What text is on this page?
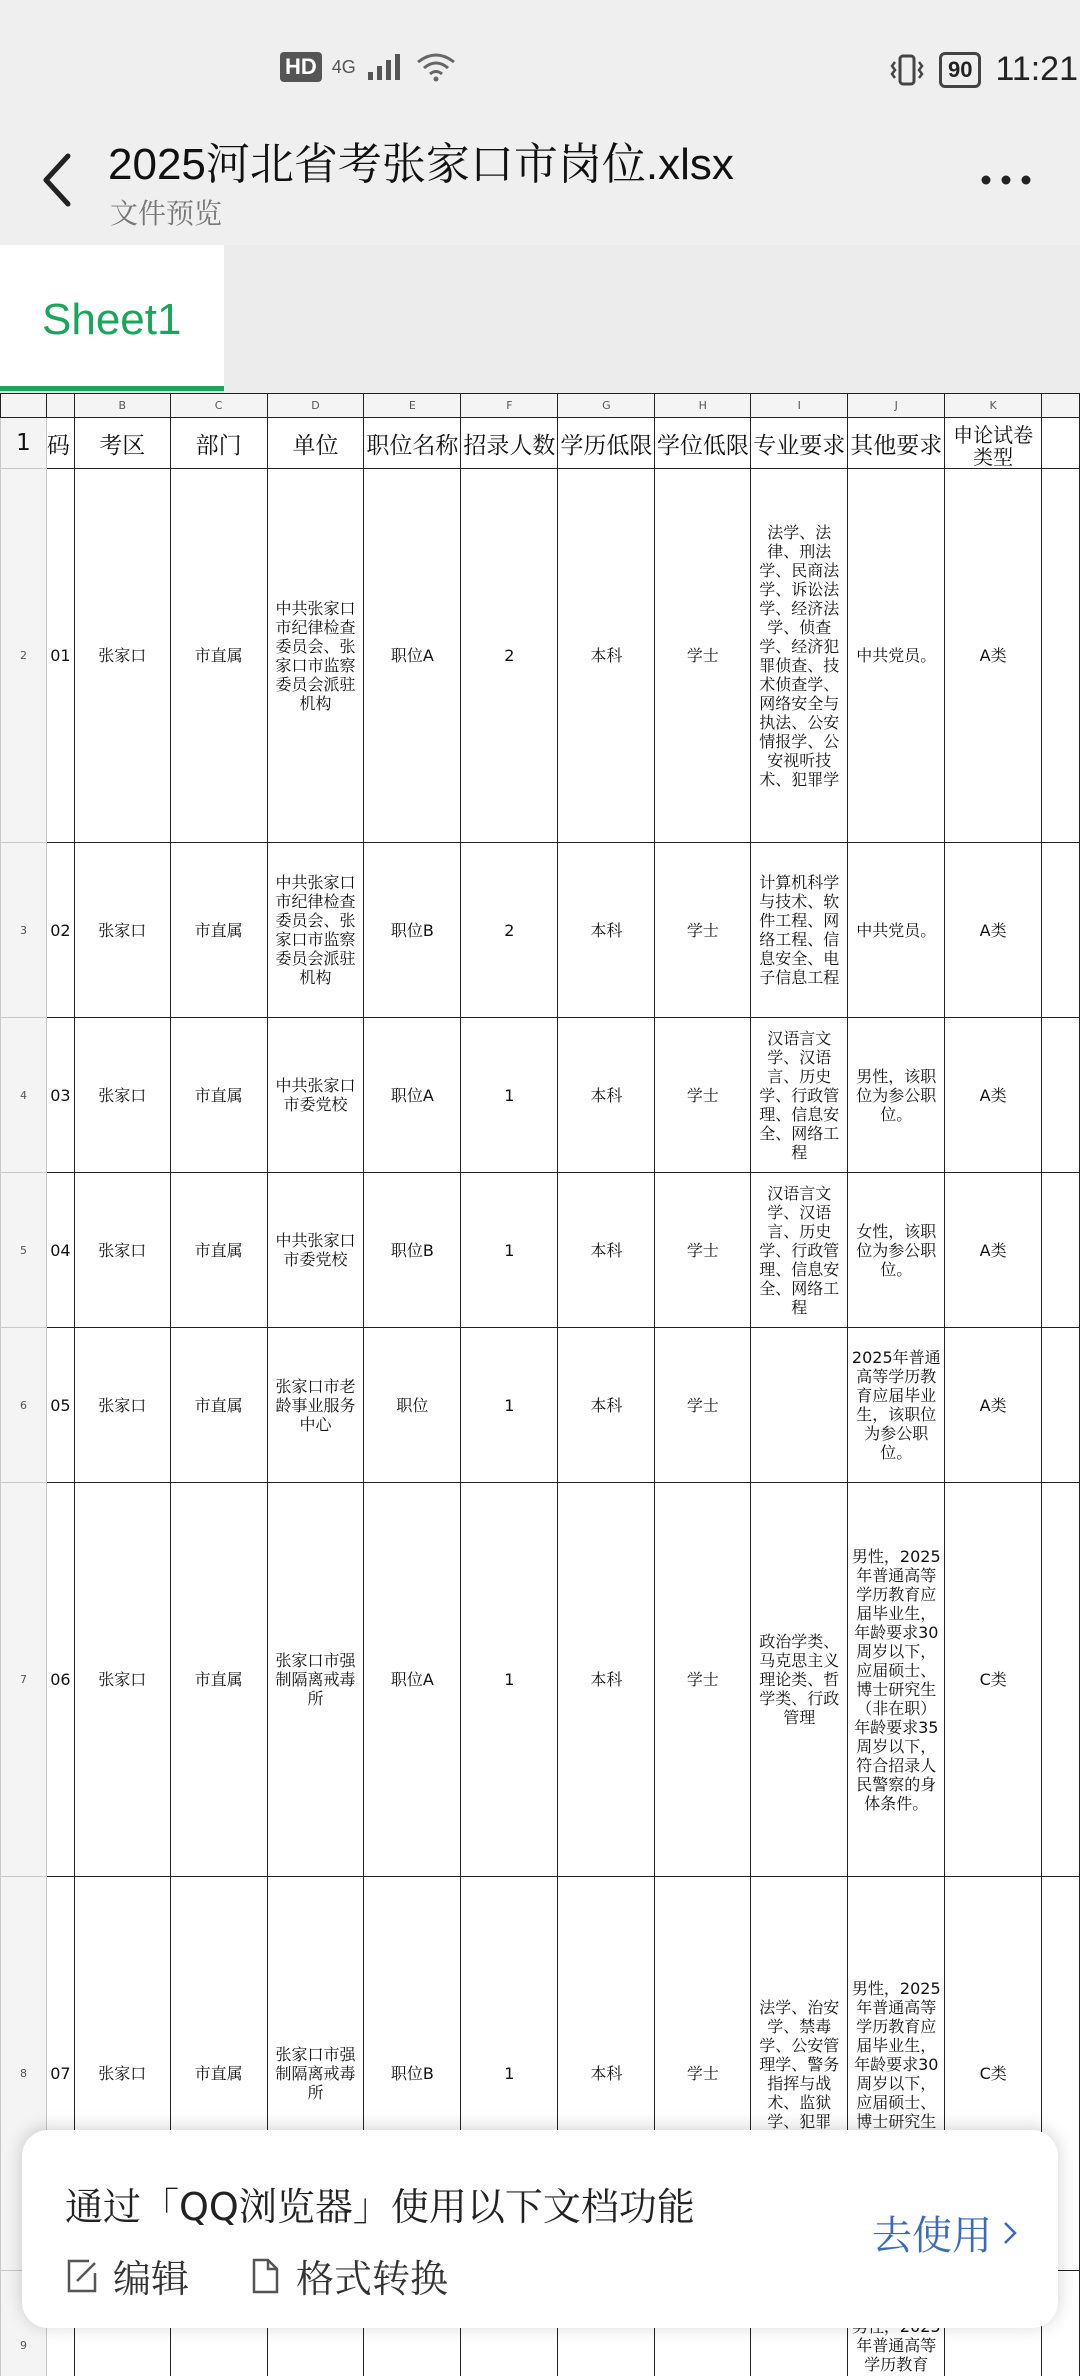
HD 4G	90 11:21
2025河北省考张家口市岗位.xlsx
文件预览
Sheet1
		B	C	D	E	F	G	H	I	J	K	
1	码	考区	部门	单位	职位名称	招录人数	学历低限	学位低限	专业要求	其他要求	申论试卷类型	
2	01	张家口	市直属	中共张家口市纪律检查委员会、张家口市监察委员会派驻机构	职位A	2	本科	学士	法学、法律、刑法学、民商法学、诉讼法学、经济法学、侦查学、经济犯罪侦查、技术侦查学、网络安全与执法、公安情报学、公安视听技术、犯罪学	中共党员。	A类	
3	02	张家口	市直属	中共张家口市纪律检查委员会、张家口市监察委员会派驻机构	职位B	2	本科	学士	计算机科学与技术、软件工程、网络工程、信息安全、电子信息工程	中共党员。	A类	
4	03	张家口	市直属	中共张家口市委党校	职位A	1	本科	学士	汉语言文学、汉语言、历史学、行政管理、信息安全、网络工程	男性，该职位为参公职位。	A类	
5	04	张家口	市直属	中共张家口市委党校	职位B	1	本科	学士	汉语言文学、汉语言、历史学、行政管理、信息安全、网络工程	女性，该职位为参公职位。	A类	
6	05	张家口	市直属	张家口市老龄事业服务中心	职位	1	本科	学士		2025年普通高等学历教育应届毕业生，该职位为参公职位。	A类	
7	06	张家口	市直属	张家口市强制隔离戒毒所	职位A	1	本科	学士	政治学类、马克思主义理论类、哲学类、行政管理	男性，2025年普通高等学历教育应届毕业生，年龄要求30周岁以下，应届硕士、博士研究生（非在职）年龄要求35周岁以下，符合招录人民警察的身体条件。	C类	
8	07	张家口	市直属	张家口市强制隔离戒毒所	职位B	1	本科	学士	法学、治安学、禁毒学、公安管理学、警务指挥与战术、监狱学、犯罪	男性，2025年普通高等学历教育应届毕业生，年龄要求30周岁以下，应届硕士、博士研究生	C类	
9										年普通高等学历教育		
通过「QQ浏览器」使用以下文档功能
编辑	格式转换
去使用
